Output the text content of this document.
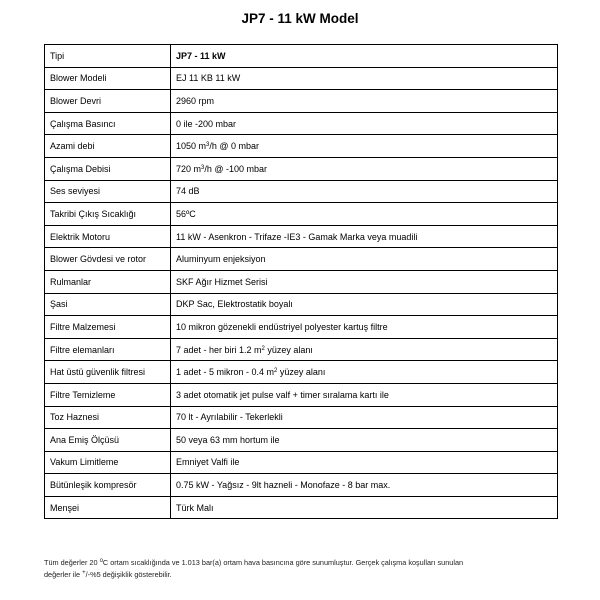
JP7 - 11 kW Model
Tipi	JP7 - 11 kW
Blower Modeli	EJ 11 KB 11 kW
Blower Devri	2960 rpm
Çalışma Basıncı	0 ile -200 mbar
Azami debi	1050 $m^3/h$ @ 0 mbar
Çalışma Debisi	720 $m^3/h$ @ -100 mbar
Ses seviyesi	74 dB
Takribi Çıkış Sıcaklığı	56ºC
Elektrik Motoru	11 kW - Asenkron - Trifaze -IE3 - Gamak Marka veya muadili
Blower Gövdesi ve rotor	Aluminyum enjeksiyon
Rulmanlar	SKF Ağır Hizmet Serisi
Şasi	DKP Sac, Elektrostatik boyalı
Filtre Malzemesi	10 mikron gözenekli endüstriyel polyester kartuş filtre
Filtre elemanları	7 adet - her biri 1.2 $m^2$ yüzey alanı
Hat üstü güvenlik filtresi	1 adet - 5 mikron - 0.4 $m^2$ yüzey alanı
Filtre Temizleme	3 adet otomatik jet pulse valf + timer sıralama kartı ile
Toz Haznesi	70 lt - Ayrılabilir - Tekerlekli
Ana Emiş Ölçüsü	50 veya 63 mm hortum ile
Vakum Limitleme	Emniyet Valfi ile
Bütünleşik kompresör	0.75 kW - Yağsız - 9lt hazneli - Monofaze - 8 bar max.
Menşei	Türk Malı
Tüm değerler 20 $^o$C ortam sıcaklığında ve 1.013 bar(a) ortam hava basıncına göre sunumluştur. Gerçek çalışma koşulları sunulan
değerler ile +/-%5 değişiklik gösterebilir.
